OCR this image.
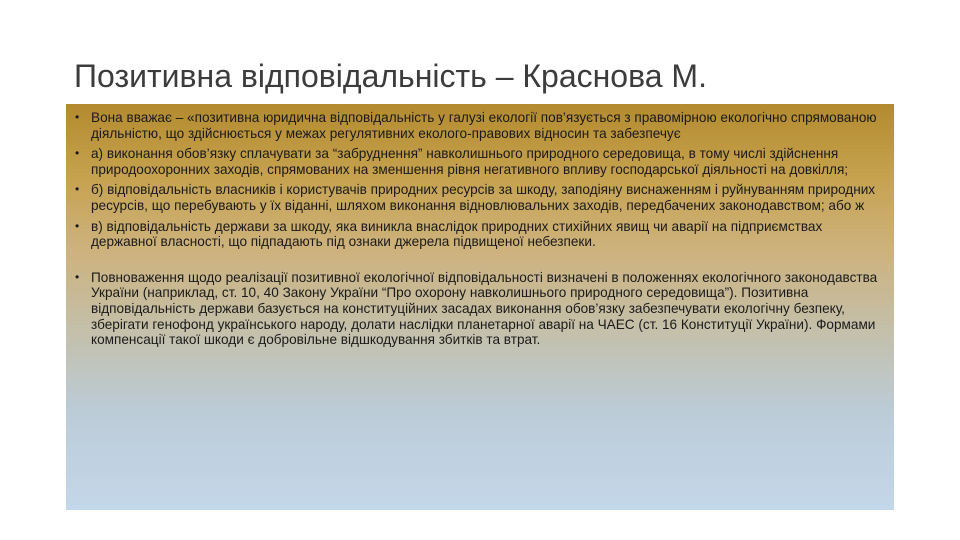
Позитивна відповідальність – Краснова М.
• Вона вважає – «позитивна юридична відповідальність у галузі екології пов’язується з правомірною екологічно спрямованою діяльністю, що здійснюється у межах регулятивних еколого-правових відносин та забезпечує
• а) виконання обов’язку сплачувати за “забруднення” навколишнього природного середовища, в тому числі здійснення природоохоронних заходів, спрямованих на зменшення рівня негативного впливу господарської діяльності на довкілля;
• б) відповідальність власників і користувачів природних ресурсів за шкоду, заподіяну виснаженням і руйнуванням природних ресурсів, що перебувають у їх віданні, шляхом виконання відновлювальних заходів, передбачених законодавством; або ж
• в) відповідальність держави за шкоду, яка виникла внаслідок природних стихійних явищ чи аварії на підприємствах державної власності, що підпадають під ознаки джерела підвищеної небезпеки.
• Повноваження щодо реалізації позитивної екологічної відповідальності визначені в положеннях екологічного законодавства України (наприклад, ст. 10, 40 Закону України “Про охорону навколишнього природного середовища”). Позитивна відповідальність держави базується на конституційних засадах виконання обов’язку забезпечувати екологічну безпеку, зберігати генофонд українського народу, долати наслідки планетарної аварії на ЧАЕС (ст. 16 Конституції України). Формами компенсації такої шкоди є добровільне відшкодування збитків та втрат.
